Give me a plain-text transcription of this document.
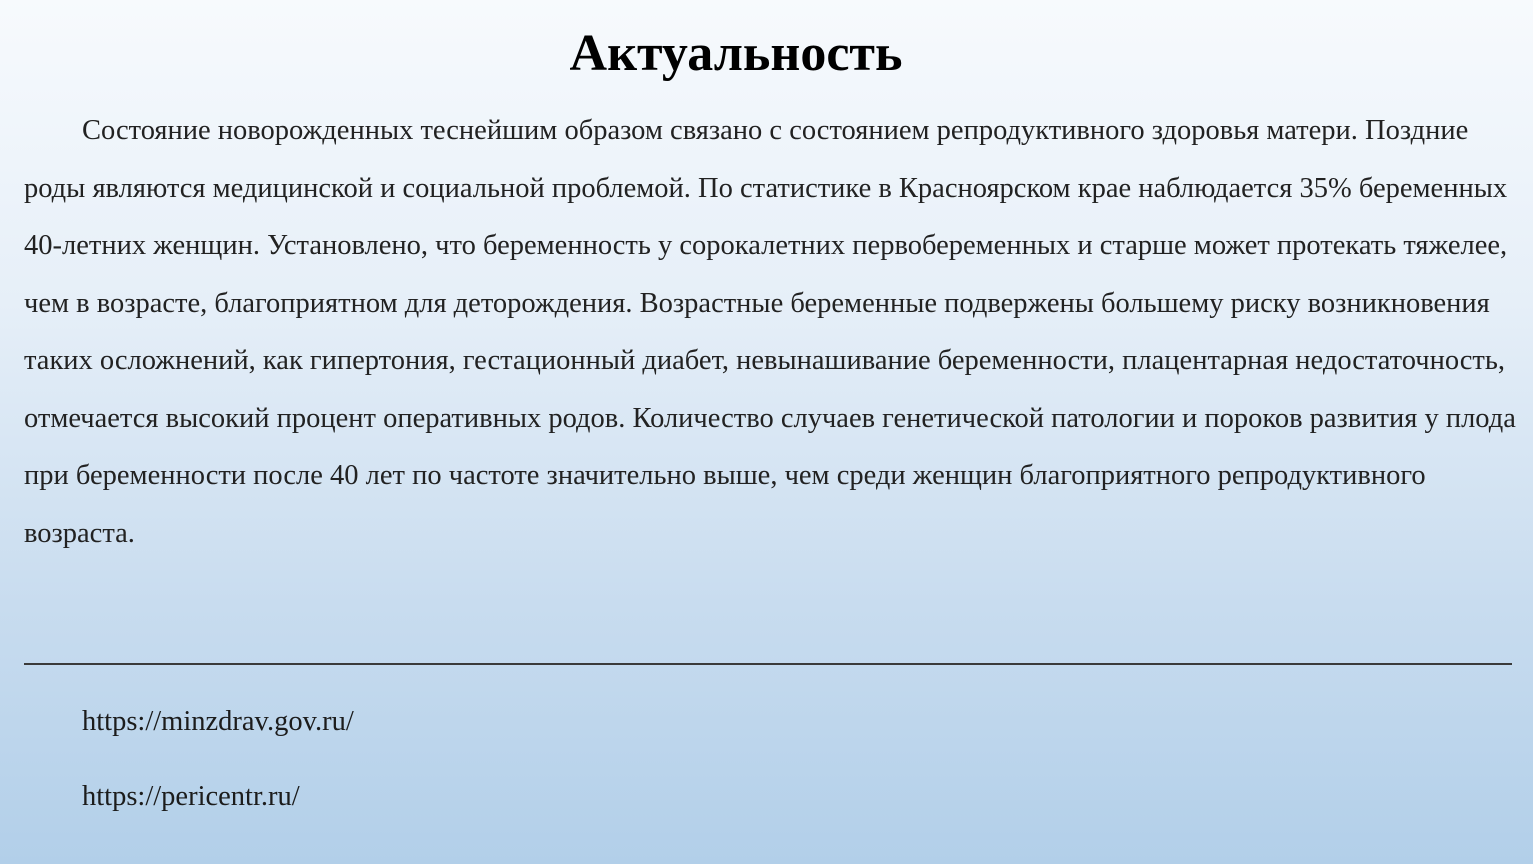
Актуальность

Состояние новорожденных теснейшим образом связано с состоянием репродуктивного здоровья матери. Поздние роды являются медицинской и социальной проблемой. По статистике в Красноярском крае наблюдается 35% беременных 40-летних женщин. Установлено, что беременность у сорокалетних первобеременных и старше может протекать тяжелее, чем в возрасте, благоприятном для деторождения. Возрастные беременные подвержены большему риску возникновения таких осложнений, как гипертония, гестационный диабет, невынашивание беременности, плацентарная недостаточность, отмечается высокий процент оперативных родов. Количество случаев генетической патологии и пороков развития у плода при беременности после 40 лет по частоте значительно выше, чем среди женщин благоприятного репродуктивного возраста.

https://minzdrav.gov.ru/
https://pericentr.ru/
